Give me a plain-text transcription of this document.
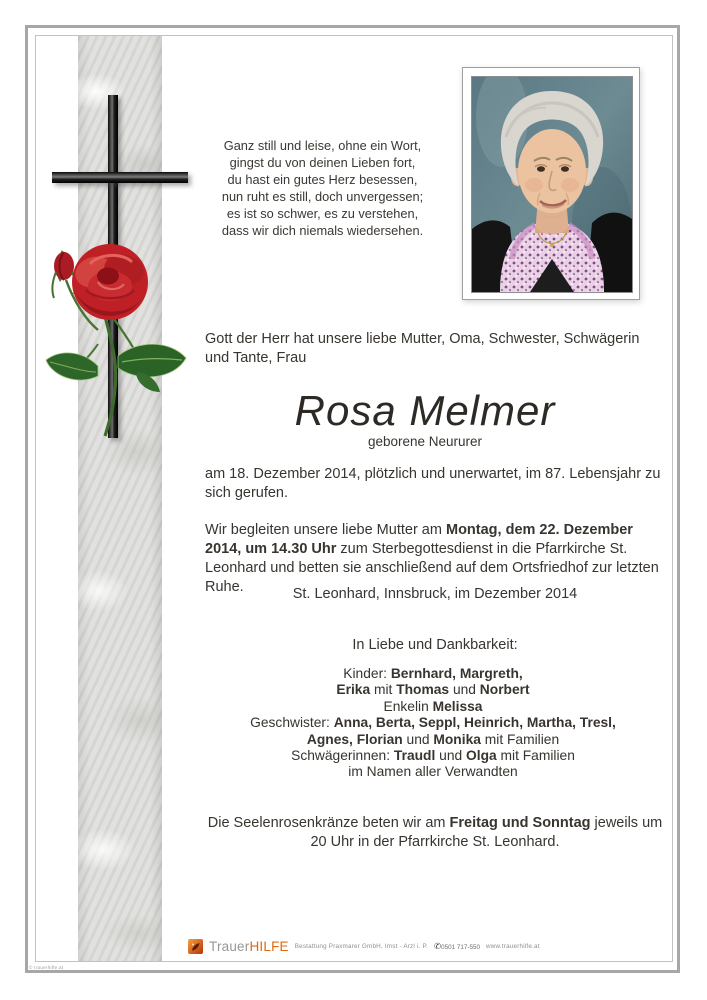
Ganz still und leise, ohne ein Wort,
gingst du von deinen Lieben fort,
du hast ein gutes Herz besessen,
nun ruht es still, doch unvergessen;
es ist so schwer, es zu verstehen,
dass wir dich niemals wiedersehen.
Gott der Herr hat unsere liebe Mutter, Oma, Schwester, Schwägerin und Tante, Frau
Rosa Melmer
geborene Neururer
am 18. Dezember 2014, plötzlich und unerwartet, im 87. Lebensjahr zu sich gerufen.
Wir begleiten unsere liebe Mutter am Montag, dem 22. Dezember 2014, um 14.30 Uhr zum Sterbegottesdienst in die Pfarrkirche St. Leonhard und betten sie anschließend auf dem Ortsfriedhof zur letzten Ruhe.	St. Leonhard, Innsbruck, im Dezember 2014
In Liebe und Dankbarkeit:
Kinder: Bernhard, Margreth,
Erika mit Thomas und Norbert
Enkelin Melissa
Geschwister: Anna, Berta, Seppl, Heinrich, Martha, Tresl,
Agnes, Florian und Monika mit Familien
Schwägerinnen: Traudl und Olga mit Familien
im Namen aller Verwandten
Die Seelenrosenkränze beten wir am Freitag und Sonntag jeweils um 20 Uhr in der Pfarrkirche St. Leonhard.
TrauerHILFE Bestattung Praxmarer GmbH, Imst - Arzl i. P. ✆0501 717-550 www.trauerhilfe.at
© trauerhilfe.at
